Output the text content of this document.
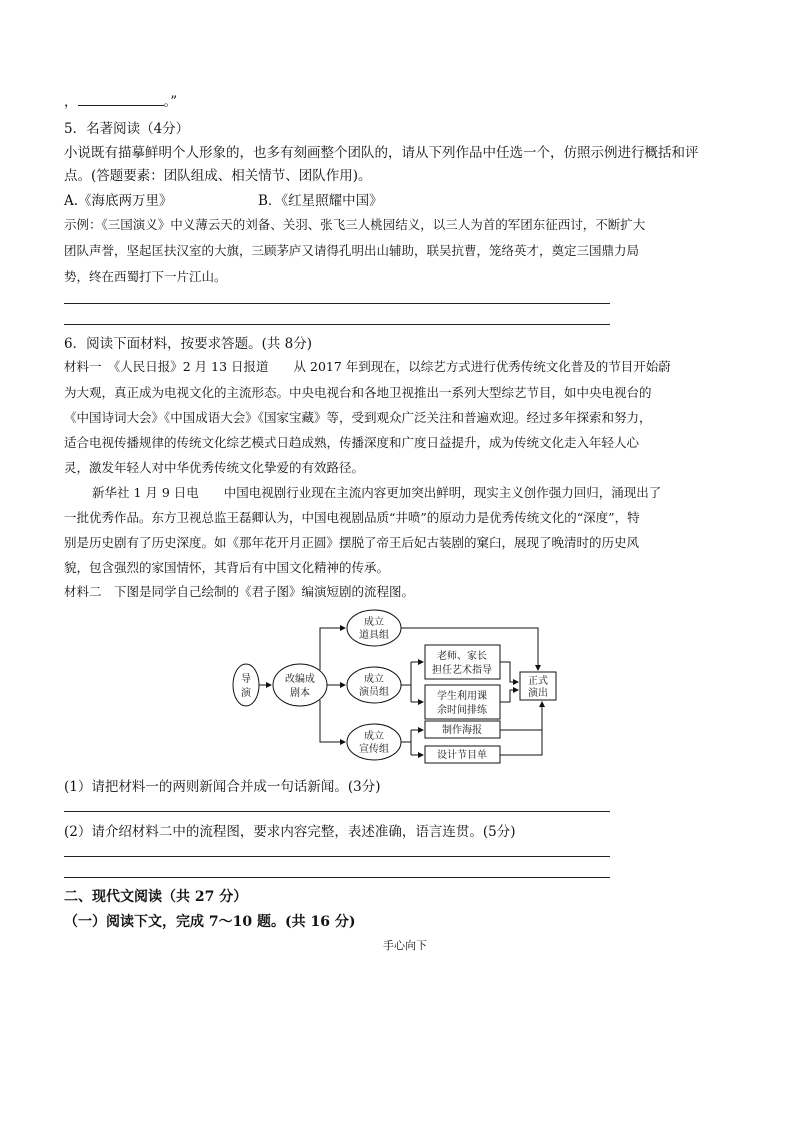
，	。”
5．名著阅读（4分）
小说既有描摹鲜明个人形象的，也多有刻画整个团队的，请从下列作品中任选一个，仿照示例进行概括和评
点。(答题要素：团队组成、相关情节、团队作用)。
A.《海底两万里》	B．《红星照耀中国》
示例：《三国演义》中义薄云天的刘备、关羽、张飞三人桃园结义，以三人为首的军团东征西讨，不断扩大
团队声誉，坚起匡扶汉室的大旗，三顾茅庐又请得孔明出山辅助，联吴抗曹，笼络英才，奠定三国鼎力局
势，终在西蜀打下一片江山。
6．阅读下面材料，按要求答题。(共 8分)
材料一　《人民日报》2 月 13 日报道　　从 2017 年到现在，以综艺方式进行优秀传统文化普及的节目开始蔚
为大观，真正成为电视文化的主流形态。中央电视台和各地卫视推出一系列大型综艺节目，如中央电视台的
《中国诗词大会》《中国成语大会》《国家宝藏》等，受到观众广泛关注和普遍欢迎。经过多年探索和努力，
适合电视传播规律的传统文化综艺模式日趋成熟，传播深度和广度日益提升，成为传统文化走入年轻人心
灵，激发年轻人对中华优秀传统文化挚爱的有效路径。
新华社 1 月 9 日电　　中国电视剧行业现在主流内容更加突出鲜明，现实主义创作强力回归，涌现出了
一批优秀作品。东方卫视总监王磊卿认为，中国电视剧品质“井喷”的原动力是优秀传统文化的“深度”，特
别是历史剧有了历史深度。如《那年花开月正圆》摆脱了帝王后妃古装剧的窠臼，展现了晚清时的历史风
貌，包含强烈的家国情怀，其背后有中国文化精神的传承。
材料二　下图是同学自己绘制的《君子图》编演短剧的流程图。
导
演
改编成
剧本
成立
道具组
成立
演员组
成立
宣传组
老师、家长
担任艺术指导
学生利用课
余时间排练
制作海报
设计节目单
正式
演出
(1）请把材料一的两则新闻合并成一句话新闻。(3分)
(2）请介绍材料二中的流程图，要求内容完整，表述准确，语言连贯。(5分)
二、现代文阅读（共 27 分）
（一）阅读下文，完成 7～10 题。(共 16 分)
手心向下
